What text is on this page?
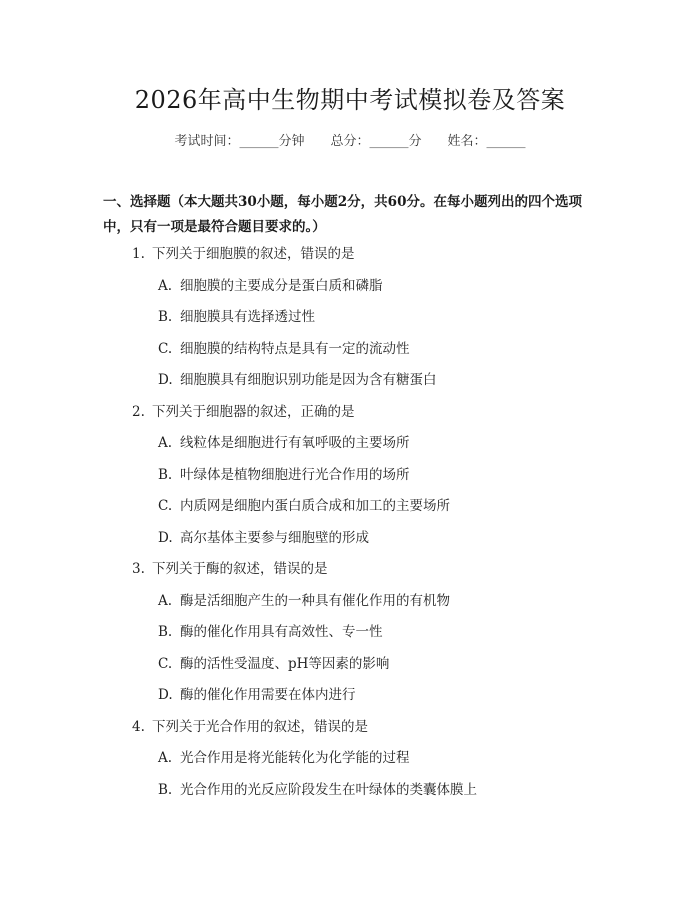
2026年高中生物期中考试模拟卷及答案
考试时间：______分钟 总分：______分 姓名：______
一、选择题（本大题共30小题，每小题2分，共60分。在每小题列出的四个选项中，只有一项是最符合题目要求的。）
1. 下列关于细胞膜的叙述，错误的是
A. 细胞膜的主要成分是蛋白质和磷脂
B. 细胞膜具有选择透过性
C. 细胞膜的结构特点是具有一定的流动性
D. 细胞膜具有细胞识别功能是因为含有糖蛋白
2. 下列关于细胞器的叙述，正确的是
A. 线粒体是细胞进行有氧呼吸的主要场所
B. 叶绿体是植物细胞进行光合作用的场所
C. 内质网是细胞内蛋白质合成和加工的主要场所
D. 高尔基体主要参与细胞壁的形成
3. 下列关于酶的叙述，错误的是
A. 酶是活细胞产生的一种具有催化作用的有机物
B. 酶的催化作用具有高效性、专一性
C. 酶的活性受温度、pH等因素的影响
D. 酶的催化作用需要在体内进行
4. 下列关于光合作用的叙述，错误的是
A. 光合作用是将光能转化为化学能的过程
B. 光合作用的光反应阶段发生在叶绿体的类囊体膜上
